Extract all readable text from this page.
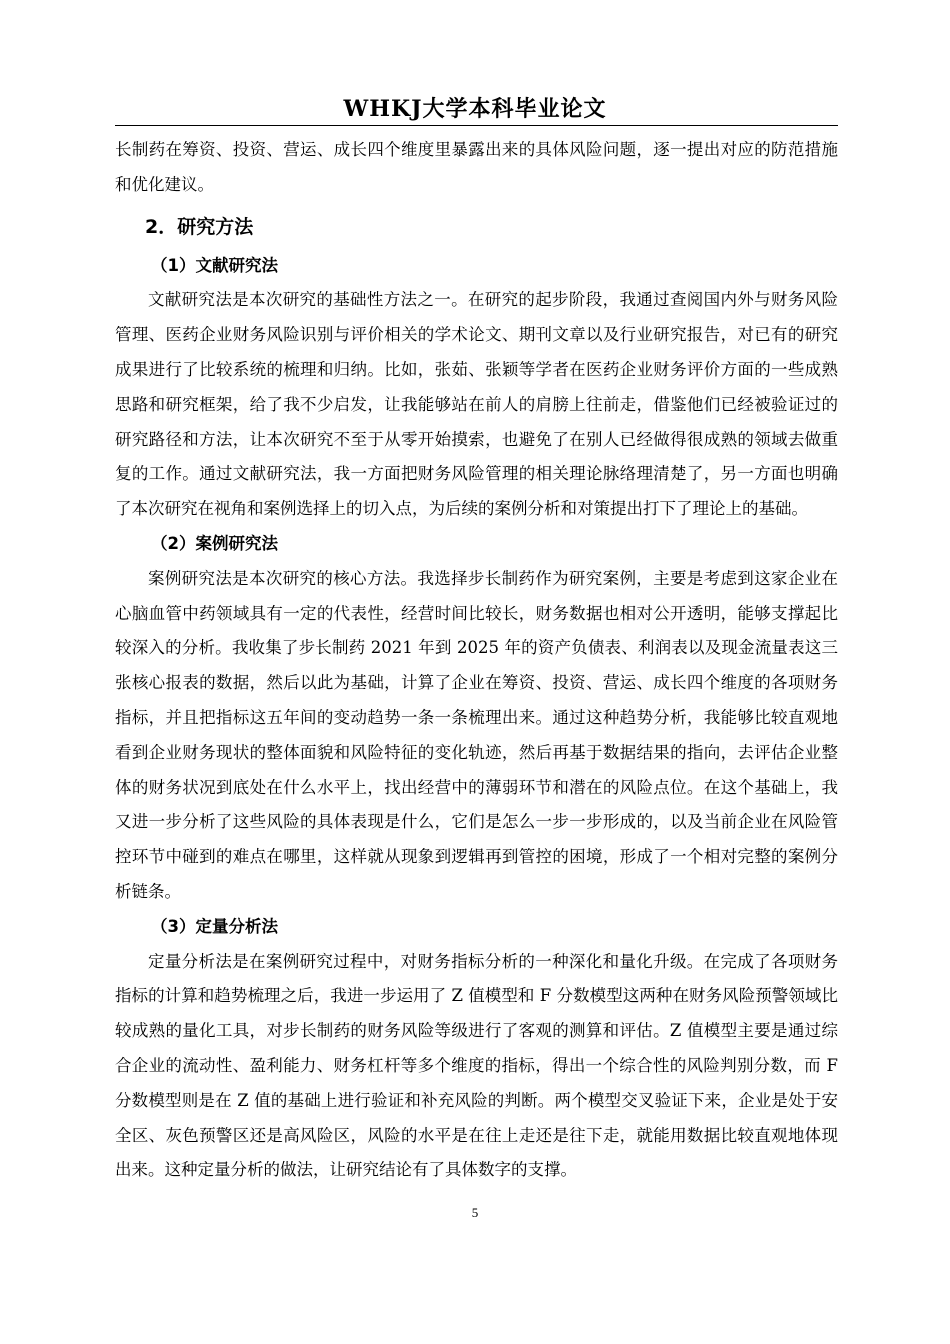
WHKJ大学本科毕业论文

长制药在筹资、投资、营运、成长四个维度里暴露出来的具体风险问题，逐一提出对应的防范措施和优化建议。

2．研究方法
（1）文献研究法

文献研究法是本次研究的基础性方法之一。在研究的起步阶段，我通过查阅国内外与财务风险管理、医药企业财务风险识别与评价相关的学术论文、期刊文章以及行业研究报告，对已有的研究成果进行了比较系统的梳理和归纳。比如，张茹、张颖等学者在医药企业财务评价方面的一些成熟思路和研究框架，给了我不少启发，让我能够站在前人的肩膀上往前走，借鉴他们已经被验证过的研究路径和方法，让本次研究不至于从零开始摸索，也避免了在别人已经做得很成熟的领域去做重复的工作。通过文献研究法，我一方面把财务风险管理的相关理论脉络理清楚了，另一方面也明确了本次研究在视角和案例选择上的切入点，为后续的案例分析和对策提出打下了理论上的基础。

（2）案例研究法

案例研究法是本次研究的核心方法。我选择步长制药作为研究案例，主要是考虑到这家企业在心脑血管中药领域具有一定的代表性，经营时间比较长，财务数据也相对公开透明，能够支撑起比较深入的分析。我收集了步长制药 2021 年到 2025 年的资产负债表、利润表以及现金流量表这三张核心报表的数据，然后以此为基础，计算了企业在筹资、投资、营运、成长四个维度的各项财务指标，并且把指标这五年间的变动趋势一条一条梳理出来。通过这种趋势分析，我能够比较直观地看到企业财务现状的整体面貌和风险特征的变化轨迹，然后再基于数据结果的指向，去评估企业整体的财务状况到底处在什么水平上，找出经营中的薄弱环节和潜在的风险点位。在这个基础上，我又进一步分析了这些风险的具体表现是什么，它们是怎么一步一步形成的，以及当前企业在风险管控环节中碰到的难点在哪里，这样就从现象到逻辑再到管控的困境，形成了一个相对完整的案例分析链条。

（3）定量分析法

定量分析法是在案例研究过程中，对财务指标分析的一种深化和量化升级。在完成了各项财务指标的计算和趋势梳理之后，我进一步运用了 Z 值模型和 F 分数模型这两种在财务风险预警领域比较成熟的量化工具，对步长制药的财务风险等级进行了客观的测算和评估。Z 值模型主要是通过综合企业的流动性、盈利能力、财务杠杆等多个维度的指标，得出一个综合性的风险判别分数，而 F 分数模型则是在 Z 值的基础上进行验证和补充风险的判断。两个模型交叉验证下来，企业是处于安全区、灰色预警区还是高风险区，风险的水平是在往上走还是往下走，就能用数据比较直观地体现出来。这种定量分析的做法，让研究结论有了具体数字的支撑。

5
